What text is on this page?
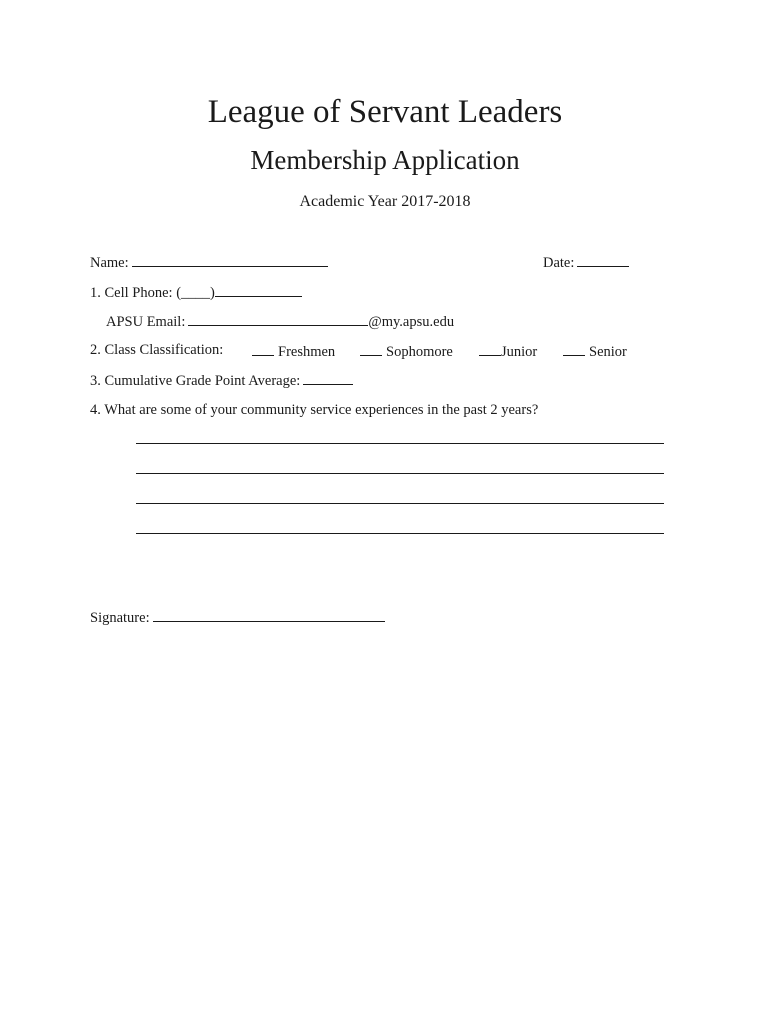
League of Servant Leaders
Membership Application
Academic Year 2017-2018
Name:	Date:
1. Cell Phone: (____)
APSU Email:	@my.apsu.edu
2. Class Classification:	Freshmen	Sophomore	Junior	Senior
3. Cumulative Grade Point Average:
4. What are some of your community service experiences in the past 2 years?
Signature:
